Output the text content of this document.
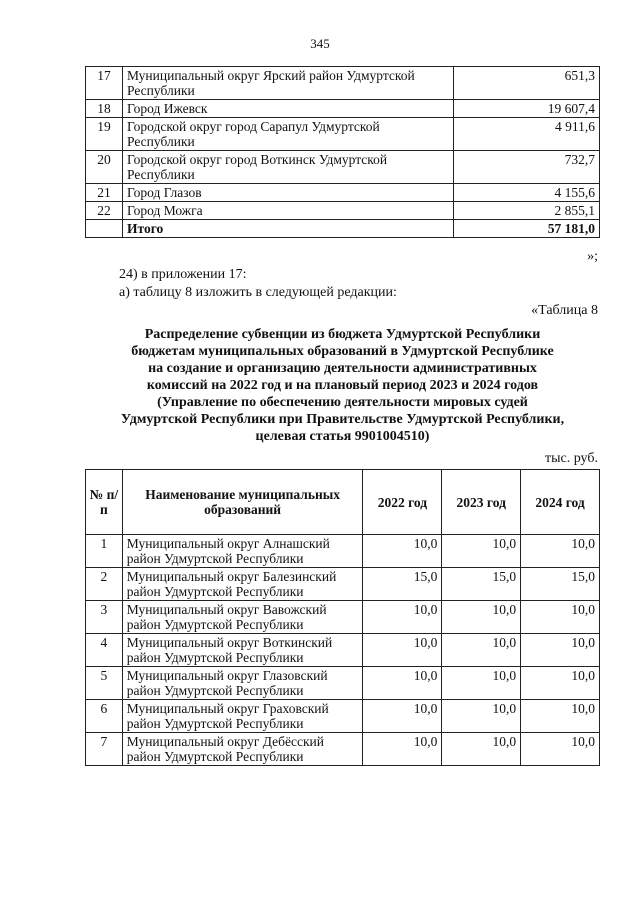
345
17	Муниципальный округ Ярский район Удмуртской Республики	651,3
18	Город Ижевск	19 607,4
19	Городской округ город Сарапул Удмуртской Республики	4 911,6
20	Городской округ город Воткинск Удмуртской Республики	732,7
21	Город Глазов	4 155,6
22	Город Можга	2 855,1
	Итого	57 181,0
»;
24) в приложении 17:
а) таблицу 8 изложить в следующей редакции:
«Таблица 8
Распределение субвенции из бюджета Удмуртской Республики
бюджетам муниципальных образований в Удмуртской Республике
на создание и организацию деятельности административных
комиссий на 2022 год и на плановый период 2023 и 2024 годов
(Управление по обеспечению деятельности мировых судей
Удмуртской Республики при Правительстве Удмуртской Республики,
целевая статья 9901004510)
тыс. руб.
№ п/п	Наименование муниципальных образований	2022 год	2023 год	2024 год
1	Муниципальный округ Алнашский район Удмуртской Республики	10,0	10,0	10,0
2	Муниципальный округ Балезинский район Удмуртской Республики	15,0	15,0	15,0
3	Муниципальный округ Вавожский район Удмуртской Республики	10,0	10,0	10,0
4	Муниципальный округ Воткинский район Удмуртской Республики	10,0	10,0	10,0
5	Муниципальный округ Глазовский район Удмуртской Республики	10,0	10,0	10,0
6	Муниципальный округ Граховский район Удмуртской Республики	10,0	10,0	10,0
7	Муниципальный округ Дебёсский район Удмуртской Республики	10,0	10,0	10,0
